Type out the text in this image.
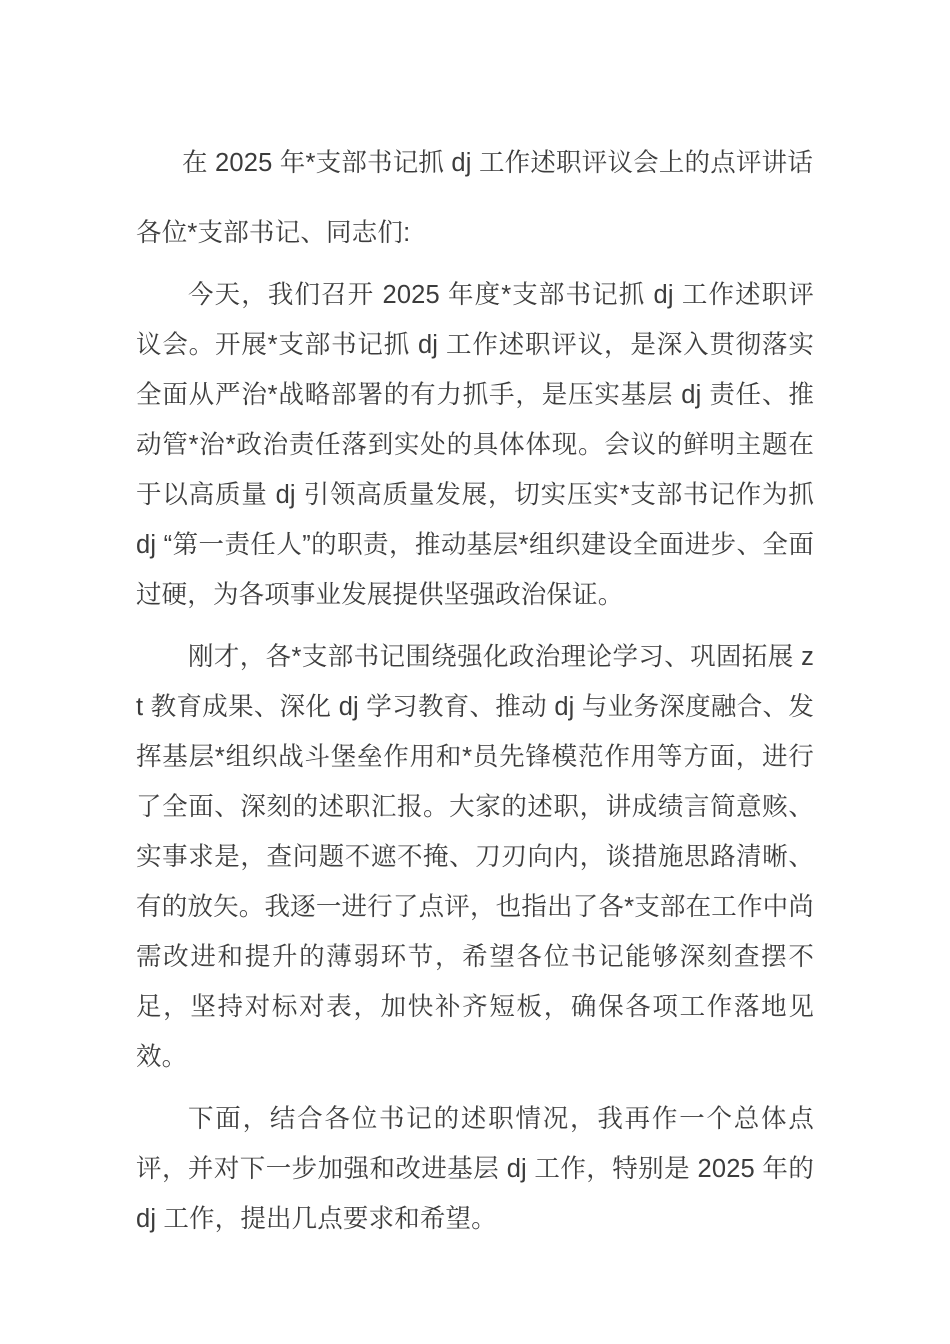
在 2025 年*支部书记抓 dj 工作述职评议会上的点评讲话

各位*支部书记、同志们:

今天，我们召开 2025 年度*支部书记抓 dj 工作述职评议会。开展*支部书记抓 dj 工作述职评议，是深入贯彻落实全面从严治*战略部署的有力抓手，是压实基层 dj 责任、推动管*治*政治责任落到实处的具体体现。会议的鲜明主题在于以高质量 dj 引领高质量发展，切实压实*支部书记作为抓 dj “第一责任人”的职责，推动基层*组织建设全面进步、全面过硬，为各项事业发展提供坚强政治保证。

刚才，各*支部书记围绕强化政治理论学习、巩固拓展 zt 教育成果、深化 dj 学习教育、推动 dj 与业务深度融合、发挥基层*组织战斗堡垒作用和*员先锋模范作用等方面，进行了全面、深刻的述职汇报。大家的述职，讲成绩言简意赅、实事求是，查问题不遮不掩、刀刃向内，谈措施思路清晰、有的放矢。我逐一进行了点评，也指出了各*支部在工作中尚需改进和提升的薄弱环节，希望各位书记能够深刻查摆不足，坚持对标对表，加快补齐短板，确保各项工作落地见效。

下面，结合各位书记的述职情况，我再作一个总体点评，并对下一步加强和改进基层 dj 工作，特别是 2025 年的 dj 工作，提出几点要求和希望。
